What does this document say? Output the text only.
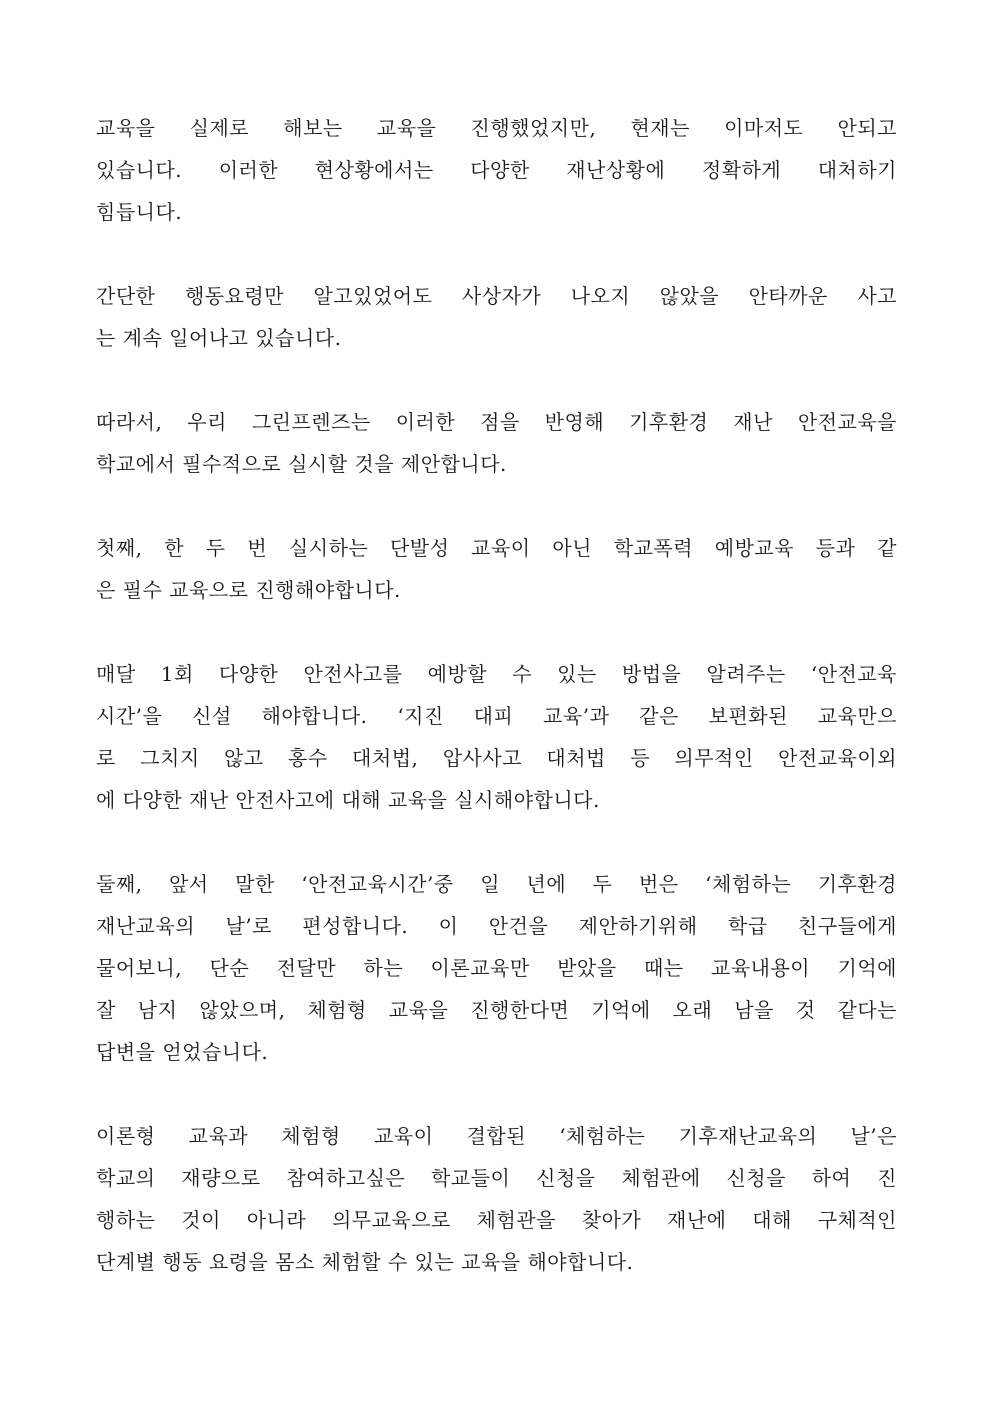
교육을 실제로 해보는 교육을 진행했었지만, 현재는 이마저도 안되고
있습니다. 이러한 현상황에서는 다양한 재난상황에 정확하게 대처하기
힘듭니다.
간단한 행동요령만 알고있었어도 사상자가 나오지 않았을 안타까운 사고
는 계속 일어나고 있습니다.
따라서, 우리 그린프렌즈는 이러한 점을 반영해 기후환경 재난 안전교육을
학교에서 필수적으로 실시할 것을 제안합니다.
첫째, 한 두 번 실시하는 단발성 교육이 아닌 학교폭력 예방교육 등과 같
은 필수 교육으로 진행해야합니다.
매달 1회 다양한 안전사고를 예방할 수 있는 방법을 알려주는 ‘안전교육
시간’을 신설 해야합니다. ‘지진 대피 교육’과 같은 보편화된 교육만으
로 그치지 않고 홍수 대처법, 압사사고 대처법 등 의무적인 안전교육이외
에 다양한 재난 안전사고에 대해 교육을 실시해야합니다.
둘째, 앞서 말한 ‘안전교육시간’중 일 년에 두 번은 ‘체험하는 기후환경
재난교육의 날’로 편성합니다. 이 안건을 제안하기위해 학급 친구들에게
물어보니, 단순 전달만 하는 이론교육만 받았을 때는 교육내용이 기억에
잘 남지 않았으며, 체험형 교육을 진행한다면 기억에 오래 남을 것 같다는
답변을 얻었습니다.
이론형 교육과 체험형 교육이 결합된 ‘체험하는 기후재난교육의 날’은
학교의 재량으로 참여하고싶은 학교들이 신청을 체험관에 신청을 하여 진
행하는 것이 아니라 의무교육으로 체험관을 찾아가 재난에 대해 구체적인
단계별 행동 요령을 몸소 체험할 수 있는 교육을 해야합니다.
